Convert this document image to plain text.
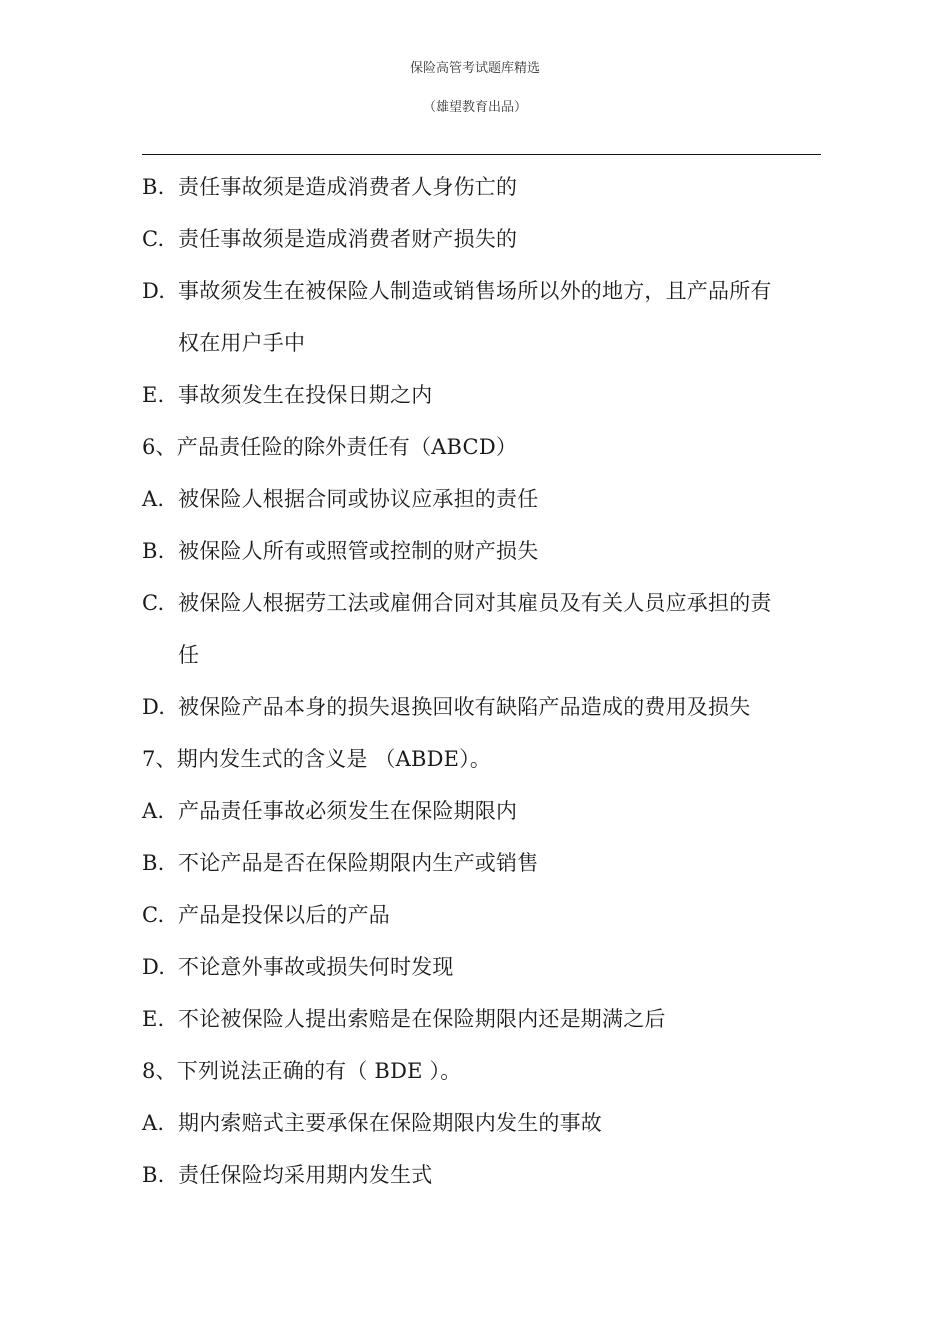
保险高管考试题库精选
（雄望教育出品）
B. 责任事故须是造成消费者人身伤亡的
C. 责任事故须是造成消费者财产损失的
D. 事故须发生在被保险人制造或销售场所以外的地方，且产品所有
权在用户手中
E. 事故须发生在投保日期之内
6、产品责任险的除外责任有（ABCD）
A. 被保险人根据合同或协议应承担的责任
B. 被保险人所有或照管或控制的财产损失
C. 被保险人根据劳工法或雇佣合同对其雇员及有关人员应承担的责
任
D. 被保险产品本身的损失退换回收有缺陷产品造成的费用及损失
7、期内发生式的含义是 （ABDE）。
A. 产品责任事故必须发生在保险期限内
B. 不论产品是否在保险期限内生产或销售
C. 产品是投保以后的产品
D. 不论意外事故或损失何时发现
E. 不论被保险人提出索赔是在保险期限内还是期满之后
8、下列说法正确的有（ BDE ）。
A. 期内索赔式主要承保在保险期限内发生的事故
B. 责任保险均采用期内发生式
